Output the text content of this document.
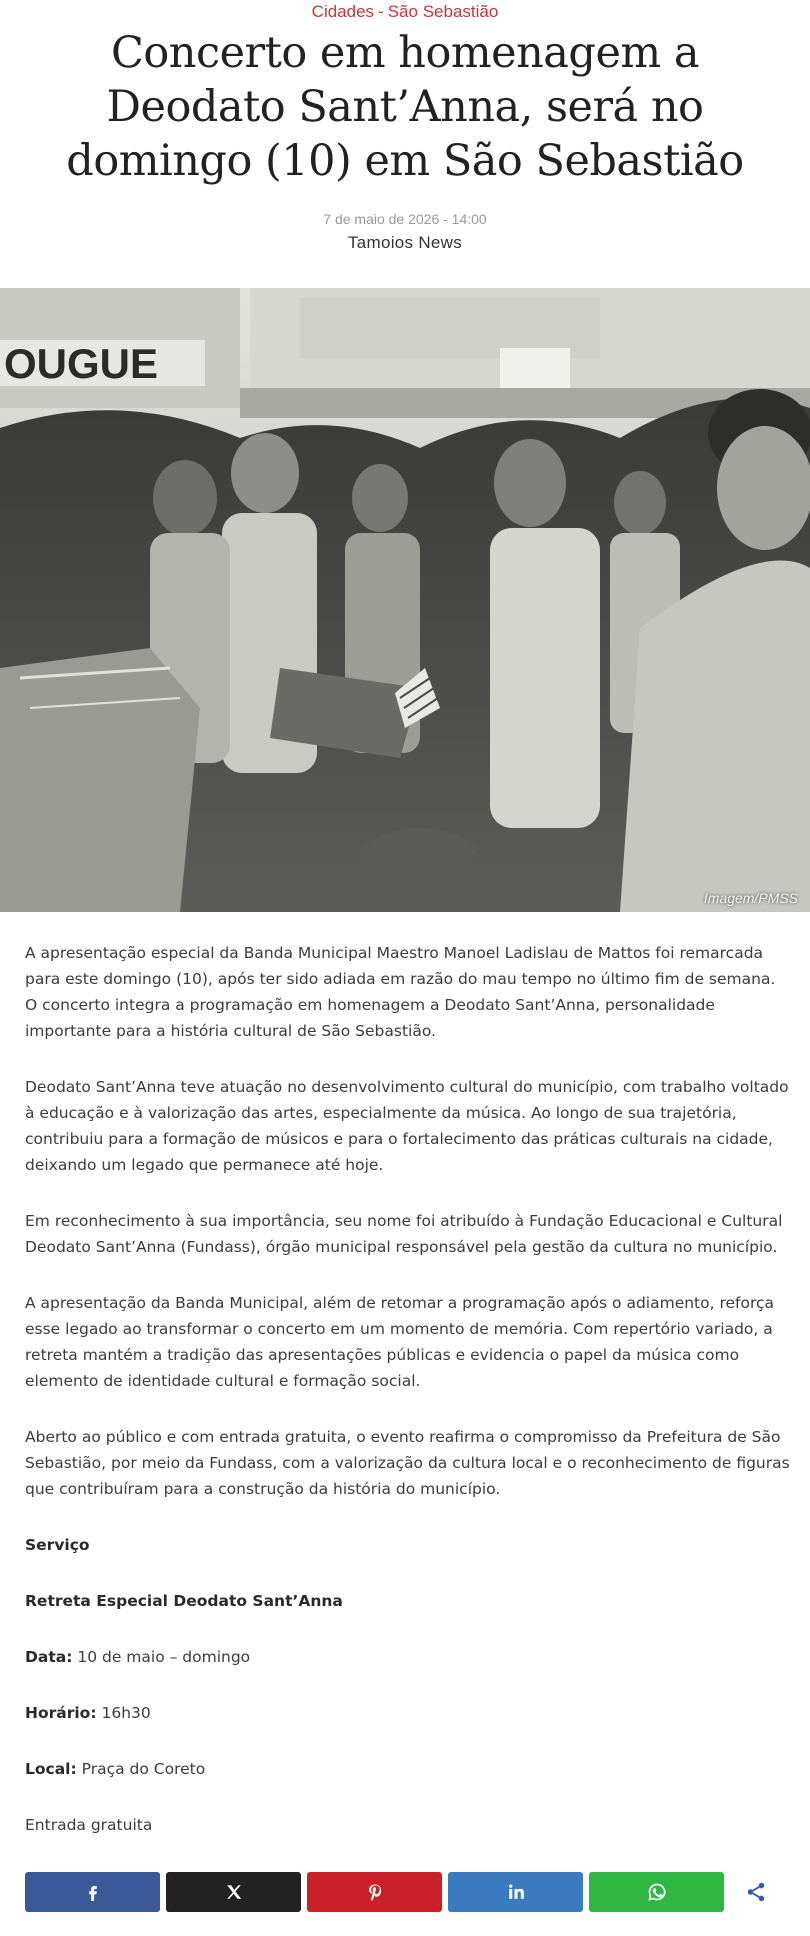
Cidades - São Sebastião
Concerto em homenagem a Deodato Sant’Anna, será no domingo (10) em São Sebastião
7 de maio de 2026 - 14:00
Tamoios News
OUGUE
Imagem/PMSS

A apresentação especial da Banda Municipal Maestro Manoel Ladislau de Mattos foi remarcada para este domingo (10), após ter sido adiada em razão do mau tempo no último fim de semana. O concerto integra a programação em homenagem a Deodato Sant’Anna, personalidade importante para a história cultural de São Sebastião.

Deodato Sant’Anna teve atuação no desenvolvimento cultural do município, com trabalho voltado à educação e à valorização das artes, especialmente da música. Ao longo de sua trajetória, contribuiu para a formação de músicos e para o fortalecimento das práticas culturais na cidade, deixando um legado que permanece até hoje.

Em reconhecimento à sua importância, seu nome foi atribuído à Fundação Educacional e Cultural Deodato Sant’Anna (Fundass), órgão municipal responsável pela gestão da cultura no município.

A apresentação da Banda Municipal, além de retomar a programação após o adiamento, reforça esse legado ao transformar o concerto em um momento de memória. Com repertório variado, a retreta mantém a tradição das apresentações públicas e evidencia o papel da música como elemento de identidade cultural e formação social.

Aberto ao público e com entrada gratuita, o evento reafirma o compromisso da Prefeitura de São Sebastião, por meio da Fundass, com a valorização da cultura local e o reconhecimento de figuras que contribuíram para a construção da história do município.

Serviço

Retreta Especial Deodato Sant’Anna

Data: 10 de maio – domingo

Horário: 16h30

Local: Praça do Coreto

Entrada gratuita
